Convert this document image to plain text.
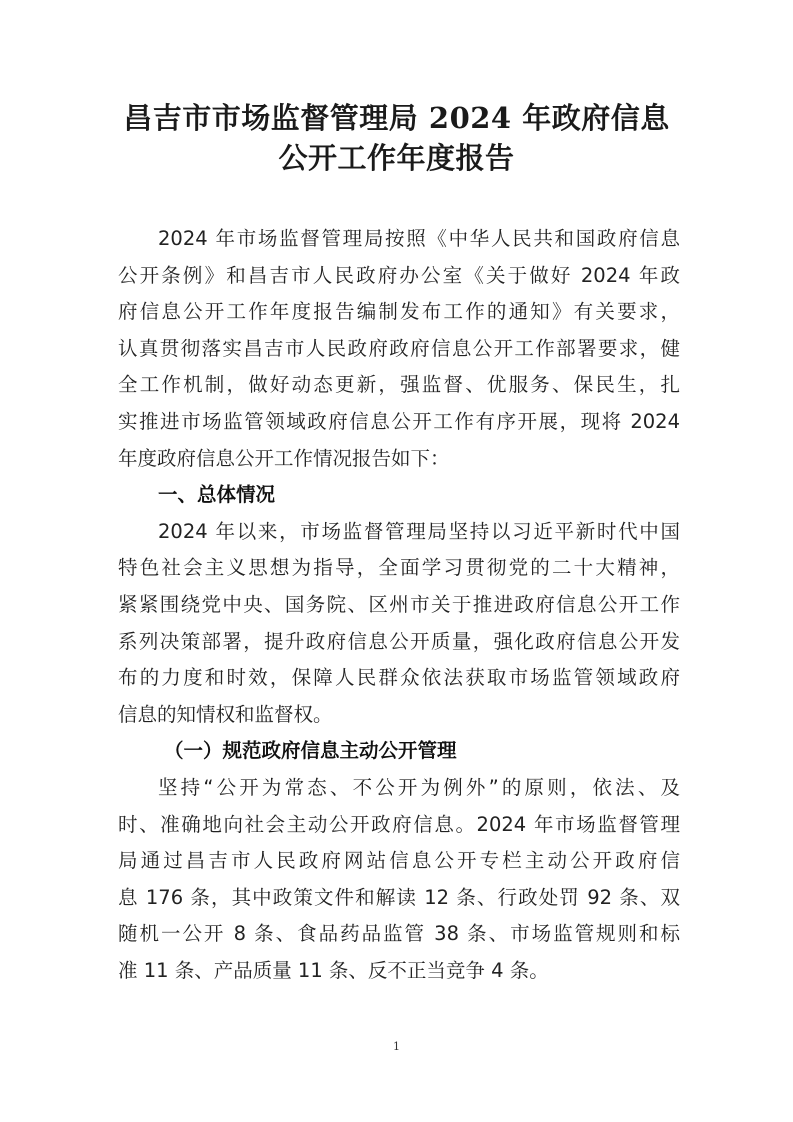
昌吉市市场监督管理局 2024 年政府信息
公开工作年度报告
2024 年市场监督管理局按照《中华人民共和国政府信息
公开条例》和昌吉市人民政府办公室《关于做好 2024 年政
府信息公开工作年度报告编制发布工作的通知》有关要求，
认真贯彻落实昌吉市人民政府政府信息公开工作部署要求，健
全工作机制，做好动态更新，强监督、优服务、保民生，扎
实推进市场监管领域政府信息公开工作有序开展，现将 2024
年度政府信息公开工作情况报告如下：
一、总体情况
2024 年以来，市场监督管理局坚持以习近平新时代中国
特色社会主义思想为指导，全面学习贯彻党的二十大精神，
紧紧围绕党中央、国务院、区州市关于推进政府信息公开工作
系列决策部署，提升政府信息公开质量，强化政府信息公开发
布的力度和时效，保障人民群众依法获取市场监管领域政府
信息的知情权和监督权。
（一）规范政府信息主动公开管理
坚持“公开为常态、不公开为例外”的原则，依法、及
时、准确地向社会主动公开政府信息。2024 年市场监督管理
局通过昌吉市人民政府网站信息公开专栏主动公开政府信
息 176 条，其中政策文件和解读 12 条、行政处罚 92 条、双
随机一公开 8 条、食品药品监管 38 条、市场监管规则和标
准 11 条、产品质量 11 条、反不正当竞争 4 条。
1
